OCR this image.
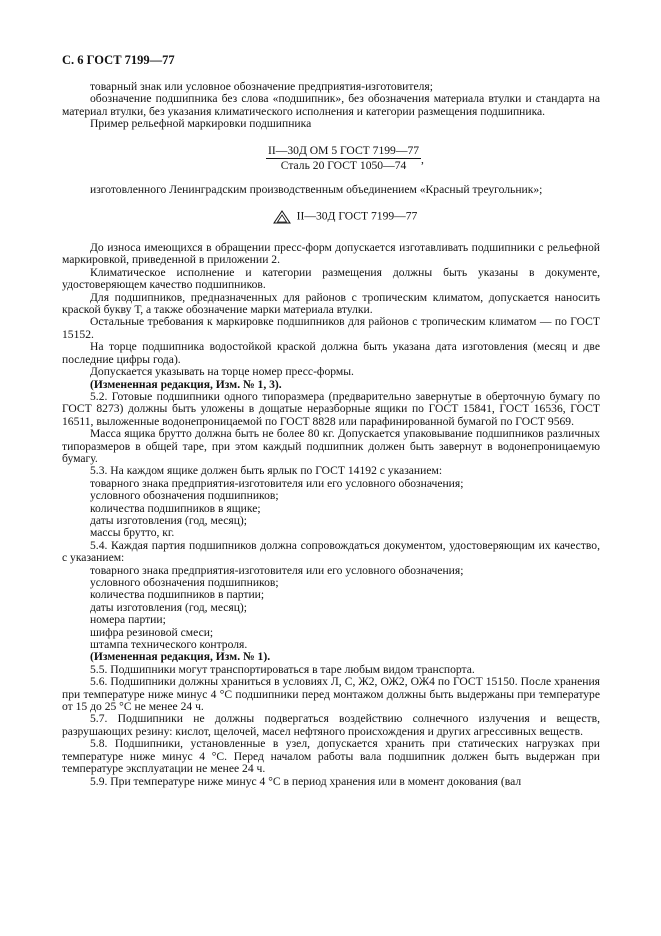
С. 6 ГОСТ 7199—77

товарный знак или условное обозначение предприятия-изготовителя;

обозначение подшипника без слова «подшипник», без обозначения материала втулки и стандарта на материал втулки, без указания климатического исполнения и категории размещения подшипника.

Пример рельефной маркировки подшипника

$\frac{\text{II—30Д ОМ 5 ГОСТ 7199—77}}{\text{Сталь 20 ГОСТ 1050—74}}$ ,

изготовленного Ленинградским производственным объединением «Красный треугольник»;

II—30Д ГОСТ 7199—77

До износа имеющихся в обращении пресс-форм допускается изготавливать подшипники с рельефной маркировкой, приведенной в приложении 2.

Климатическое исполнение и категории размещения должны быть указаны в документе, удостоверяющем качество подшипников.

Для подшипников, предназначенных для районов с тропическим климатом, допускается наносить краской букву Т, а также обозначение марки материала втулки.

Остальные требования к маркировке подшипников для районов с тропическим климатом — по ГОСТ 15152.

На торце подшипника водостойкой краской должна быть указана дата изготовления (месяц и две последние цифры года).

Допускается указывать на торце номер пресс-формы.

(Измененная редакция, Изм. № 1, 3).

5.2. Готовые подшипники одного типоразмера (предварительно завернутые в оберточную бумагу по ГОСТ 8273) должны быть уложены в дощатые неразборные ящики по ГОСТ 15841, ГОСТ 16536, ГОСТ 16511, выложенные водонепроницаемой по ГОСТ 8828 или парафинированной бумагой по ГОСТ 9569.

Масса ящика брутто должна быть не более 80 кг. Допускается упаковывание подшипников различных типоразмеров в общей таре, при этом каждый подшипник должен быть завернут в водонепроницаемую бумагу.

5.3. На каждом ящике должен быть ярлык по ГОСТ 14192 с указанием:

товарного знака предприятия-изготовителя или его условного обозначения;

условного обозначения подшипников;

количества подшипников в ящике;

даты изготовления (год, месяц);

массы брутто, кг.

5.4. Каждая партия подшипников должна сопровождаться документом, удостоверяющим их качество, с указанием:

товарного знака предприятия-изготовителя или его условного обозначения;

условного обозначения подшипников;

количества подшипников в партии;

даты изготовления (год, месяц);

номера партии;

шифра резиновой смеси;

штампа технического контроля.

(Измененная редакция, Изм. № 1).

5.5. Подшипники могут транспортироваться в таре любым видом транспорта.

5.6. Подшипники должны храниться в условиях Л, С, Ж2, ОЖ2, ОЖ4 по ГОСТ 15150. После хранения при температуре ниже минус 4 °С подшипники перед монтажом должны быть выдержаны при температуре от 15 до 25 °С не менее 24 ч.

5.7. Подшипники не должны подвергаться воздействию солнечного излучения и веществ, разрушающих резину: кислот, щелочей, масел нефтяного происхождения и других агрессивных веществ.

5.8. Подшипники, установленные в узел, допускается хранить при статических нагрузках при температуре ниже минус 4 °С. Перед началом работы вала подшипник должен быть выдержан при температуре эксплуатации не менее 24 ч.

5.9. При температуре ниже минус 4 °С в период хранения или в момент докования (вал
